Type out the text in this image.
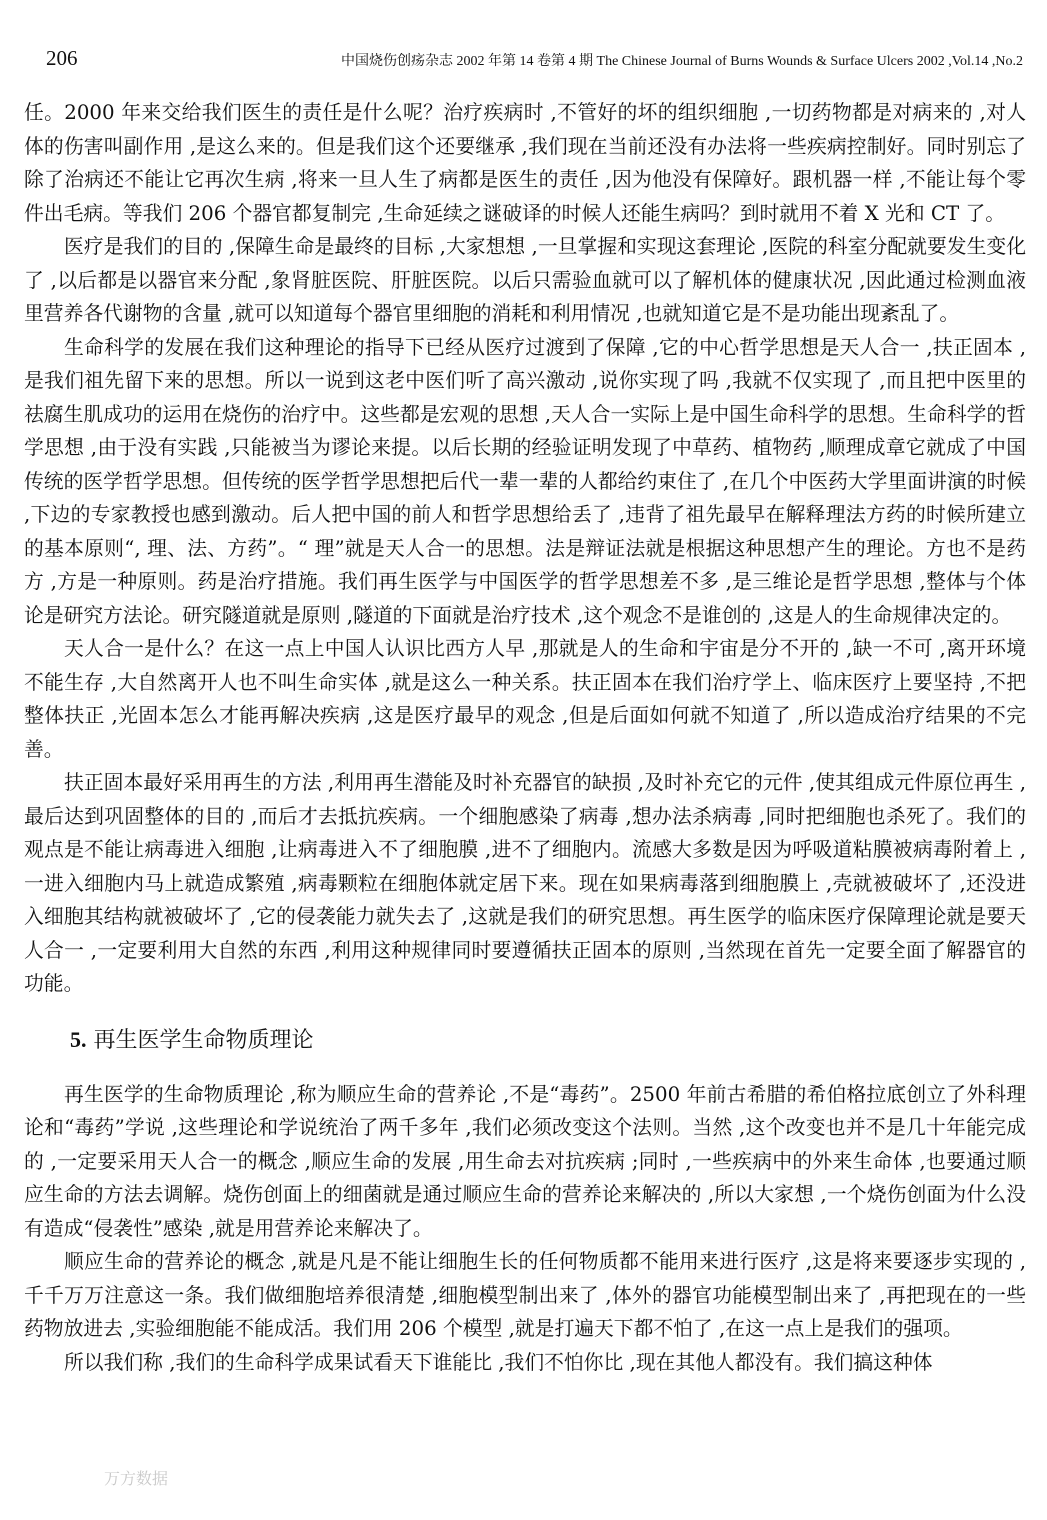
206	中国烧伤创疡杂志 2002 年第 14 卷第 4 期 The Chinese Journal of Burns Wounds & Surface Ulcers 2002 ,Vol.14 ,No.2

任。2000 年来交给我们医生的责任是什么呢？治疗疾病时 ,不管好的坏的组织细胞 ,一切药物都是对病来的 ,对人体的伤害叫副作用 ,是这么来的。但是我们这个还要继承 ,我们现在当前还没有办法将一些疾病控制好。同时别忘了除了治病还不能让它再次生病 ,将来一旦人生了病都是医生的责任 ,因为他没有保障好。跟机器一样 ,不能让每个零件出毛病。等我们 206 个器官都复制完 ,生命延续之谜破译的时候人还能生病吗？到时就用不着 X 光和 CT 了。

医疗是我们的目的 ,保障生命是最终的目标 ,大家想想 ,一旦掌握和实现这套理论 ,医院的科室分配就要发生变化了 ,以后都是以器官来分配 ,象肾脏医院、肝脏医院。以后只需验血就可以了解机体的健康状况 ,因此通过检测血液里营养各代谢物的含量 ,就可以知道每个器官里细胞的消耗和利用情况 ,也就知道它是不是功能出现紊乱了。

生命科学的发展在我们这种理论的指导下已经从医疗过渡到了保障 ,它的中心哲学思想是天人合一 ,扶正固本 ,是我们祖先留下来的思想。所以一说到这老中医们听了高兴激动 ,说你实现了吗 ,我就不仅实现了 ,而且把中医里的祛腐生肌成功的运用在烧伤的治疗中。这些都是宏观的思想 ,天人合一实际上是中国生命科学的思想。生命科学的哲学思想 ,由于没有实践 ,只能被当为谬论来提。以后长期的经验证明发现了中草药、植物药 ,顺理成章它就成了中国传统的医学哲学思想。但传统的医学哲学思想把后代一辈一辈的人都给约束住了 ,在几个中医药大学里面讲演的时候 ,下边的专家教授也感到激动。后人把中国的前人和哲学思想给丢了 ,违背了祖先最早在解释理法方药的时候所建立的基本原则“, 理、法、方药”。“ 理”就是天人合一的思想。法是辩证法就是根据这种思想产生的理论。方也不是药方 ,方是一种原则。药是治疗措施。我们再生医学与中国医学的哲学思想差不多 ,是三维论是哲学思想 ,整体与个体论是研究方法论。研究隧道就是原则 ,隧道的下面就是治疗技术 ,这个观念不是谁创的 ,这是人的生命规律决定的。

天人合一是什么？在这一点上中国人认识比西方人早 ,那就是人的生命和宇宙是分不开的 ,缺一不可 ,离开环境不能生存 ,大自然离开人也不叫生命实体 ,就是这么一种关系。扶正固本在我们治疗学上、临床医疗上要坚持 ,不把整体扶正 ,光固本怎么才能再解决疾病 ,这是医疗最早的观念 ,但是后面如何就不知道了 ,所以造成治疗结果的不完善。

扶正固本最好采用再生的方法 ,利用再生潜能及时补充器官的缺损 ,及时补充它的元件 ,使其组成元件原位再生 ,最后达到巩固整体的目的 ,而后才去抵抗疾病。一个细胞感染了病毒 ,想办法杀病毒 ,同时把细胞也杀死了。我们的观点是不能让病毒进入细胞 ,让病毒进入不了细胞膜 ,进不了细胞内。流感大多数是因为呼吸道粘膜被病毒附着上 ,一进入细胞内马上就造成繁殖 ,病毒颗粒在细胞体就定居下来。现在如果病毒落到细胞膜上 ,壳就被破坏了 ,还没进入细胞其结构就被破坏了 ,它的侵袭能力就失去了 ,这就是我们的研究思想。再生医学的临床医疗保障理论就是要天人合一 ,一定要利用大自然的东西 ,利用这种规律同时要遵循扶正固本的原则 ,当然现在首先一定要全面了解器官的功能。

5. 再生医学生命物质理论

再生医学的生命物质理论 ,称为顺应生命的营养论 ,不是“毒药”。2500 年前古希腊的希伯格拉底创立了外科理论和“毒药”学说 ,这些理论和学说统治了两千多年 ,我们必须改变这个法则。当然 ,这个改变也并不是几十年能完成的 ,一定要采用天人合一的概念 ,顺应生命的发展 ,用生命去对抗疾病 ;同时 ,一些疾病中的外来生命体 ,也要通过顺应生命的方法去调解。烧伤创面上的细菌就是通过顺应生命的营养论来解决的 ,所以大家想 ,一个烧伤创面为什么没有造成“侵袭性”感染 ,就是用营养论来解决了。

顺应生命的营养论的概念 ,就是凡是不能让细胞生长的任何物质都不能用来进行医疗 ,这是将来要逐步实现的 ,千千万万注意这一条。我们做细胞培养很清楚 ,细胞模型制出来了 ,体外的器官功能模型制出来了 ,再把现在的一些药物放进去 ,实验细胞能不能成活。我们用 206 个模型 ,就是打遍天下都不怕了 ,在这一点上是我们的强项。

所以我们称 ,我们的生命科学成果试看天下谁能比 ,我们不怕你比 ,现在其他人都没有。我们搞这种体

万方数据
